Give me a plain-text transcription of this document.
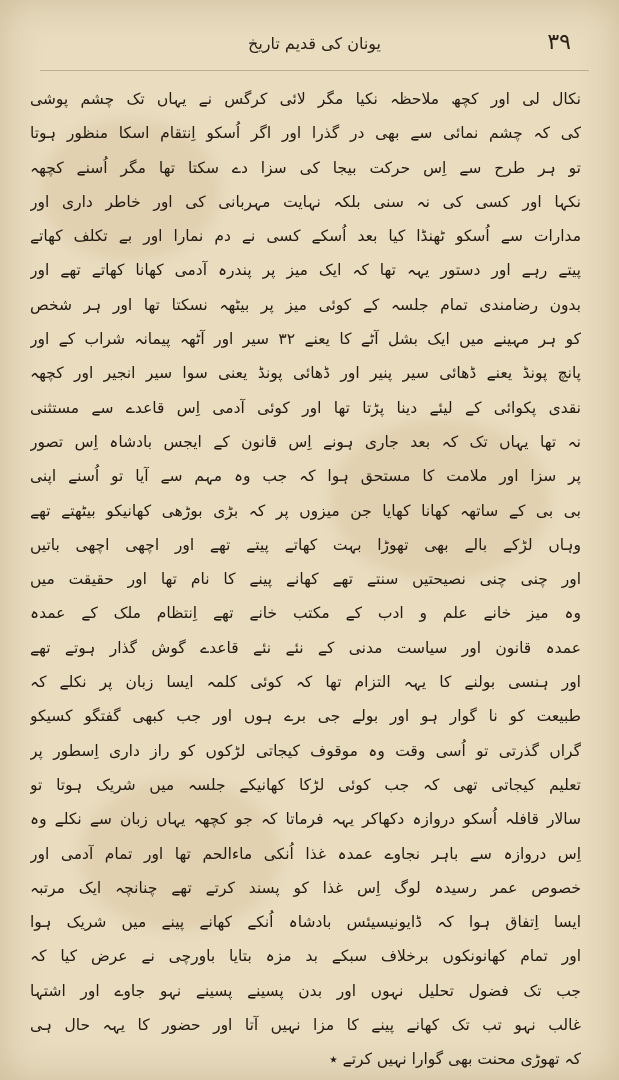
۳۹
یونان کی قدیم تاریخ
نکال لی اور کچھ ملاحظہ نکیا مگر لائی کرگس نے یہاں تک چشم پوشی
کی کہ چشم نمائی سے بھی در گذرا اور اگر اُسکو اِنتقام اسکا منظور ہوتا
تو ہر طرح سے اِس حرکت بیجا کی سزا دے سکتا تھا مگر اُسنے کچھہ
نکہا اور کسی کی نہ سنی بلکہ نہایت مہربانی کی اور خاطر داری اور
مدارات سے اُسکو ٹھنڈا کیا بعد اُسکے کسی نے دم نمارا اور بے تکلف کھاتے
پیتے رہے اور دستور یہہ تھا کہ ایک میز پر پندرہ آدمی کھانا کھاتے تھے اور
بدون رضامندی تمام جلسہ کے کوئی میز پر بیٹھہ نسکتا تھا اور ہر شخص
کو ہر مہینے میں ایک بشل آٹے کا یعنے ۳۲ سیر اور آٹھہ پیمانہ شراب کے اور
پانچ پونڈ یعنے ڈھائی سیر پنیر اور ڈھائی پونڈ یعنی سوا سیر انجیر اور کچھہ
نقدی پکوائی کے لیئے دینا پڑتا تھا اور کوئی آدمی اِس قاعدے سے مستثنی
نہ تھا یہاں تک کہ بعد جاری ہونے اِس قانون کے ایجس بادشاہ اِس تصور
پر سزا اور ملامت کا مستحق ہوا کہ جب وہ مہم سے آیا تو اُسنے اپنی
بی بی کے ساتھہ کھانا کھایا جن میزوں پر کہ بڑی بوڑھی کھانیکو بیٹھتے تھے
وہاں لڑکے بالے بھی تھوڑا بہت کھاتے پیتے تھے اور اچھی اچھی باتیں
اور چنی چنی نصیحتیں سنتے تھے کھانے پینے کا نام تھا اور حقیقت میں
وہ میز خانے علم و ادب کے مکتب خانے تھے اِنتظام ملک کے عمدہ
عمدہ قانون اور سیاست مدنی کے نئے نئے قاعدے گوش گذار ہوتے تھے
اور ہنسی بولنے کا یہہ التزام تھا کہ کوئی کلمہ ایسا زبان پر نکلے کہ
طبیعت کو نا گوار ہو اور بولے جی برے ہوں اور جب کبھی گفتگو کسیکو
گراں گذرتی تو اُسی وقت وہ موقوف کیجاتی لڑکوں کو راز داری اِسطور پر
تعلیم کیجاتی تھی کہ جب کوئی لڑکا کھانیکے جلسہ میں شریک ہوتا تو
سالار قافلہ اُسکو دروازہ دکھاکر یہہ فرماتا کہ جو کچھہ یہاں زبان سے نکلے وہ
اِس دروازہ سے باہر نجاوے عمدہ غذا اُنکی ماءالحم تھا اور تمام آدمی اور
خصوص عمر رسیدہ لوگ اِس غذا کو پسند کرتے تھے چنانچہ ایک مرتبہ
ایسا اِتفاق ہوا کہ ڈایونیسیئس بادشاہ اُنکے کھانے پینے میں شریک ہوا
اور تمام کھانونکوں برخلاف سبکے بد مزہ بتایا باورچی نے عرض کیا کہ
جب تک فضول تحلیل نہوں اور بدن پسینے پسینے نہو جاوے اور اشتہا
غالب نہو تب تک کھانے پینے کا مزا نہیں آتا اور حضور کا یہہ حال ہی
کہ تھوڑی محنت بھی گوارا نہیں کرتے ٭
